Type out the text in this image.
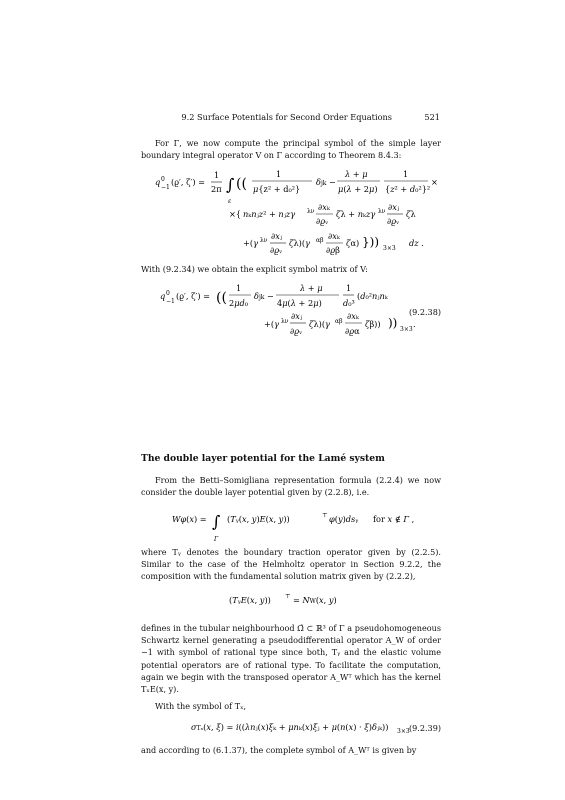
9.2 Surface Potentials for Second Order Equations	521
For Γ, we now compute the principal symbol of the simple layer boundary integral operator V on Γ according to Theorem 8.4.3:
q 0
−1
(ϱ′, ζ′) =
1
2π ∫
ε
((
1
μ{z² + d₀²}
δjk −
λ + μ
μ(λ + 2μ)
1
{z² + d₀²}²
×
×{ nₖnⱼz² + nⱼzγ λν ∂xₖ
∂ϱᵥ
ζλ + nₖzγ λν ∂xⱼ
∂ϱᵥ
ζλ
+(γ λν ∂xⱼ
∂ϱᵥ
ζλ)(γ αβ ∂xₖ
∂ϱβ
ζα) })) 3×3
dz .
With (9.2.34) we obtain the explicit symbol matrix of V:
q 0
−1
(ϱ′, ζ′) = ((
1
2μd₀
δjk −
λ + μ
4μ(λ + 2μ)
1
d₀³
(d₀²nⱼnₖ
+(γ λν
∂xⱼ
∂ϱᵥ
ζλ)(γ αβ
∂xₖ
∂ϱα
ζβ)) )) 3×3
.
(9.2.38)
The double layer potential for the Lamé system
From the Betti–Somigliana representation formula (2.2.4) we now consider the double layer potential given by (2.2.8), i.e.
Wφ(x) = ∫
Γ
(Tᵧ(x, y)E(x, y))	⊤ φ(y)dsᵧ for x ∉ Γ ,
where Tᵧ denotes the boundary traction operator given by (2.2.5). Similar to the case of the Helmholtz operator in Section 9.2.2, the composition with the fundamental solution matrix given by (2.2.2),
(TᵧE(x, y)) ⊤ = NW(x, y)
defines in the tubular neighbourhood Ω̃ ⊂ ℝ³ of Γ a pseudohomogeneous Schwartz kernel generating a pseudodifferential operator A_W of order −1 with symbol of rational type since both, Tᵧ and the elastic volume potential operators are of rational type. To facilitate the computation, again we begin with the transposed operator A_Wᵀ which has the kernel TₓE(x, y).
With the symbol of Tₓ,
σTₓ(x, ξ) = i((λnⱼ(x)ξₖ + μnₖ(x)ξⱼ + μ(n(x) · ξ)δⱼₖ)) 3×3 (9.2.39)
and according to (6.1.37), the complete symbol of A_Wᵀ is given by
